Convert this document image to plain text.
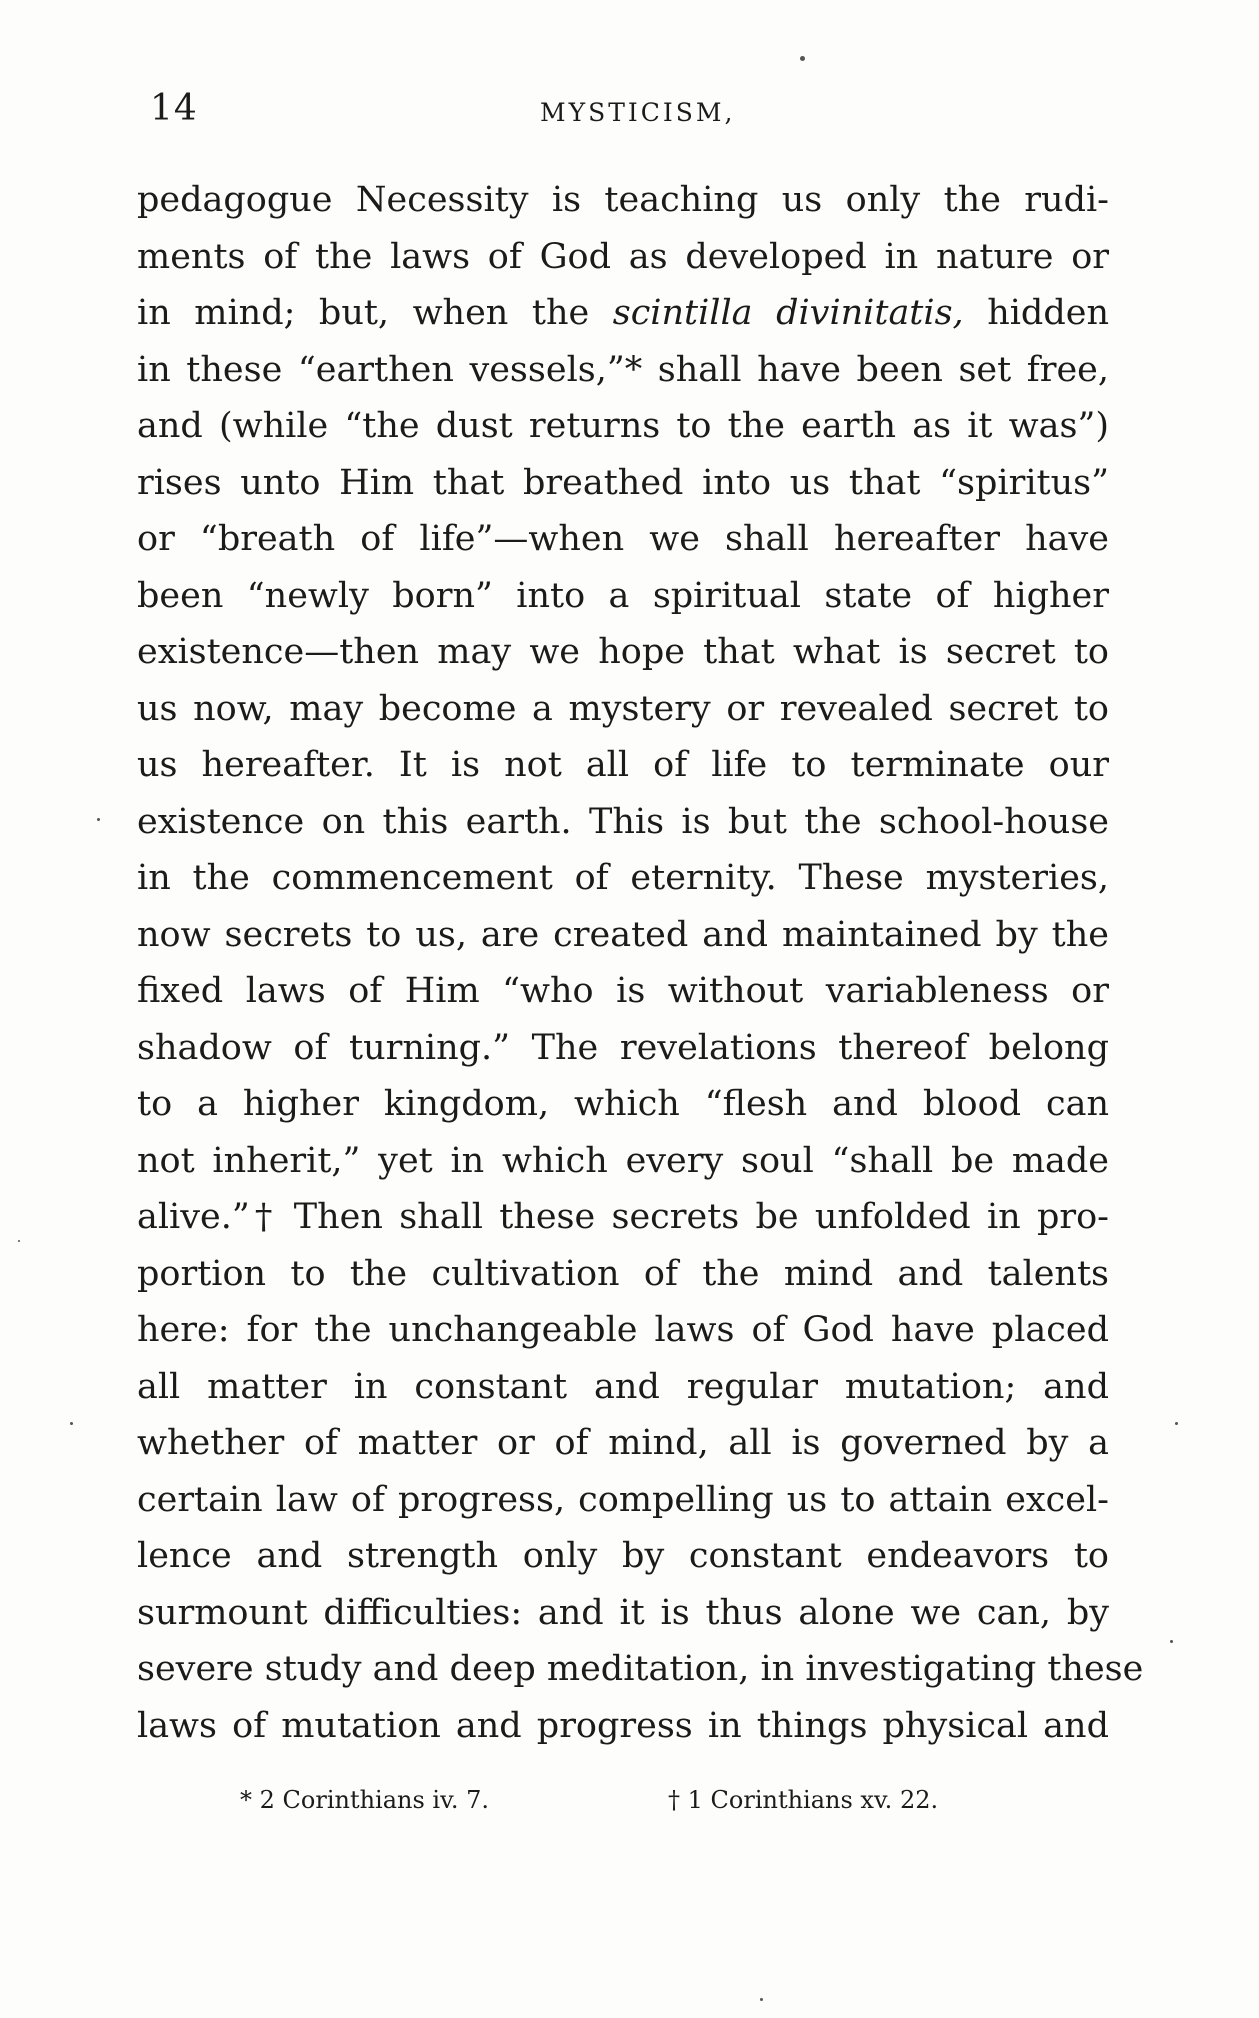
14	MYSTICISM,
pedagogue Necessity is teaching us only the rudi-
ments of the laws of God as developed in nature or
in mind; but, when the scintilla divinitatis, hidden
in these “earthen vessels,”* shall have been set free,
and (while “the dust returns to the earth as it was”)
rises unto Him that breathed into us that “spiritus”
or “breath of life”—when we shall hereafter have
been “newly born” into a spiritual state of higher
existence—then may we hope that what is secret to
us now, may become a mystery or revealed secret to
us hereafter. It is not all of life to terminate our
existence on this earth. This is but the school-house
in the commencement of eternity. These mysteries,
now secrets to us, are created and maintained by the
fixed laws of Him “who is without variableness or
shadow of turning.” The revelations thereof belong
to a higher kingdom, which “flesh and blood can
not inherit,” yet in which every soul “shall be made
alive.”† Then shall these secrets be unfolded in pro-
portion to the cultivation of the mind and talents
here: for the unchangeable laws of God have placed
all matter in constant and regular mutation; and
whether of matter or of mind, all is governed by a
certain law of progress, compelling us to attain excel-
lence and strength only by constant endeavors to
surmount difficulties: and it is thus alone we can, by
severe study and deep meditation, in investigating these
laws of mutation and progress in things physical and
* 2 Corinthians iv. 7.	† 1 Corinthians xv. 22.
